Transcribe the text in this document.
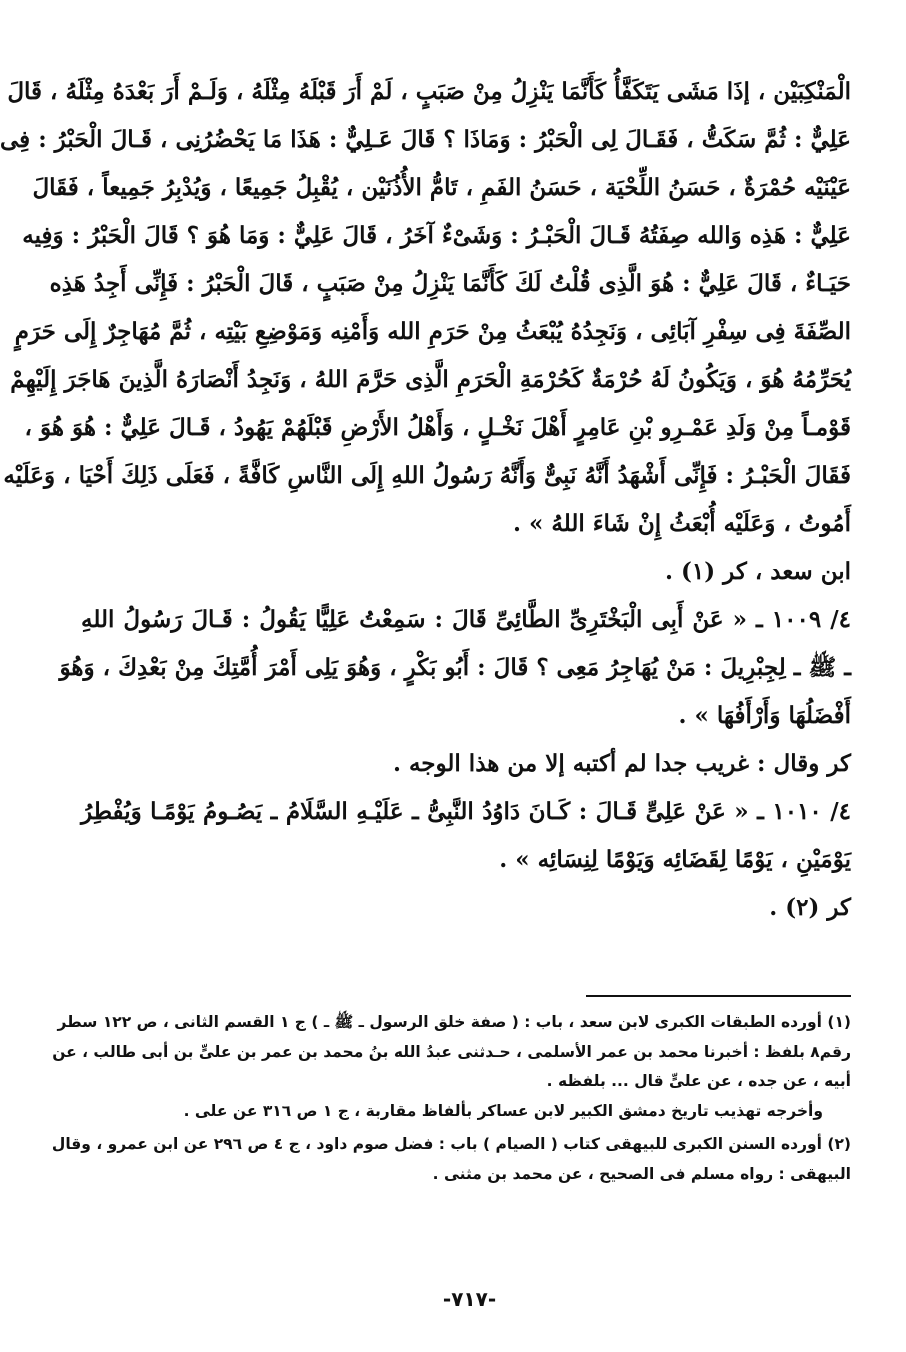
الْمَنْكِبَيْن ، إذَا مَشَى يَتَكَفَّأُ كَأَنَّمَا يَنْزِلُ مِنْ صَبَبٍ ، لَمْ أَرَ قَبْلَهُ مِثْلَهُ ، وَلَـمْ أَرَ بَعْدَهُ مِثْلَهُ ، قَالَ
عَلِيٌّ : ثُمَّ سَكَتُّ ، فَقَـالَ لِى الْحَبْرُ : وَمَاذَا ؟ قَالَ عَـلِيٌّ : هَذَا مَا يَحْضُرُنِى ، قَـالَ الْحَبْرُ : فِى
عَيْنَيْه حُمْرَةٌ ، حَسَنُ اللِّحْيَة ، حَسَنُ الفَمِ ، تَامُّ الأُذُنَيْن ، يُقْبِلُ جَمِيعًا ، وَيُدْبِرُ جَمِيعاً ، فَقَالَ
عَلِيٌّ : هَذِه وَالله صِفَتُهُ قَـالَ الْحَبْـرُ : وَشَىْءٌ آخَرُ ، قَالَ عَلِيٌّ : وَمَا هُوَ ؟ قَالَ الْحَبْرُ : وَفِيه
حَيَـاءٌ ، قَالَ عَلِيٌّ : هُوَ الَّذِى قُلْتُ لَكَ كَأَنَّمَا يَنْزِلُ مِنْ صَبَبٍ ، قَالَ الْحَبْرُ : فَإِنِّى أَجِدُ هَذِه
الصِّفَةَ فِى سِفْرِ آبَائِى ، وَنَجِدُهُ يُبْعَثُ مِنْ حَرَمِ الله وَأَمْنِه وَمَوْضِعِ بَيْتِه ، ثُمَّ مُهَاجِرٌ إِلَى حَرَمٍ
يُحَرِّمُهُ هُوَ ، وَيَكُونُ لَهُ حُرْمَةٌ كَحُرْمَةِ الْحَرَمِ الَّذِى حَرَّمَ اللهُ ، وَنَجِدُ أَنْصَارَهُ الَّذِينَ هَاجَرَ إِلَيْهِمْ
قَوْمـاً مِنْ وَلَدِ عَمْـرِو بْنِ عَامِرٍ أَهْلَ نَخْـلٍ ، وَأَهْلُ الأَرْضِ قَبْلَهُمْ يَهُودُ ، قَـالَ عَلِيٌّ : هُوَ هُوَ ،
فَقَالَ الْحَبْـرُ : فَإِنِّى أَشْهَدُ أَنَّهُ نَبِىٌّ وَأَنَّهُ رَسُولُ اللهِ إِلَى النَّاسِ كَافَّةً ، فَعَلَى ذَلِكَ أَحْيَا ، وَعَلَيْه
أَمُوتُ ، وَعَلَيْه أُبْعَثُ إِنْ شَاءَ اللهُ » .
ابن سعد ، كر (١) .
٤/ ١٠٠٩ ـ « عَنْ أَبِى الْبَخْتَرِىِّ الطَّائِىِّ قَالَ : سَمِعْتُ عَلِيًّا يَقُولُ : قَـالَ رَسُولُ اللهِ
ـ ﷺ ـ لِجِبْرِيلَ : مَنْ يُهَاجِرُ مَعِى ؟ قَالَ : أَبُو بَكْرٍ ، وَهُوَ يَلِى أَمْرَ أُمَّتِكَ مِنْ بَعْدِكَ ، وَهُوَ
أَفْضَلُهَا وَأَرْأَفُهَا » .
كر وقال : غريب جدا لم أكتبه إلا من هذا الوجه .
٤/ ١٠١٠ ـ « عَنْ عَلِىٍّ قَـالَ : كَـانَ دَاوُدُ النَّبِىُّ ـ عَلَيْـهِ السَّلَامُ ـ يَصُـومُ يَوْمًـا وَيُفْطِرُ
يَوْمَيْنِ ، يَوْمًا لِقَضَائِه وَيَوْمًا لِنِسَائِه » .
كر (٢) .
(١) أورده الطبقات الكبرى لابن سعد ، باب : ( صفة خلق الرسول ـ ﷺ ـ ) ج ١ القسم الثانى ، ص ١٢٢ سطر
رقم٨ بلفظ : أخبرنا محمد بن عمر الأسلمى ، حـدثنى عبدُ الله بنُ محمد بن عمر بن علىٍّ بن أبى طالب ، عن
أبيه ، عن جده ، عن علىٍّ قال ... بلفظه .
وأخرجه تهذيب تاريخ دمشق الكبير لابن عساكر بألفاظ مقاربة ، ج ١ ص ٣١٦ عن على .
(٢) أورده السنن الكبرى للبيهقى كتاب ( الصيام ) باب : فضل صوم داود ، ج ٤ ص ٢٩٦ عن ابن عمرو ، وقال
البيهقى : رواه مسلم فى الصحيح ، عن محمد بن مثنى .
-٧١٧-
